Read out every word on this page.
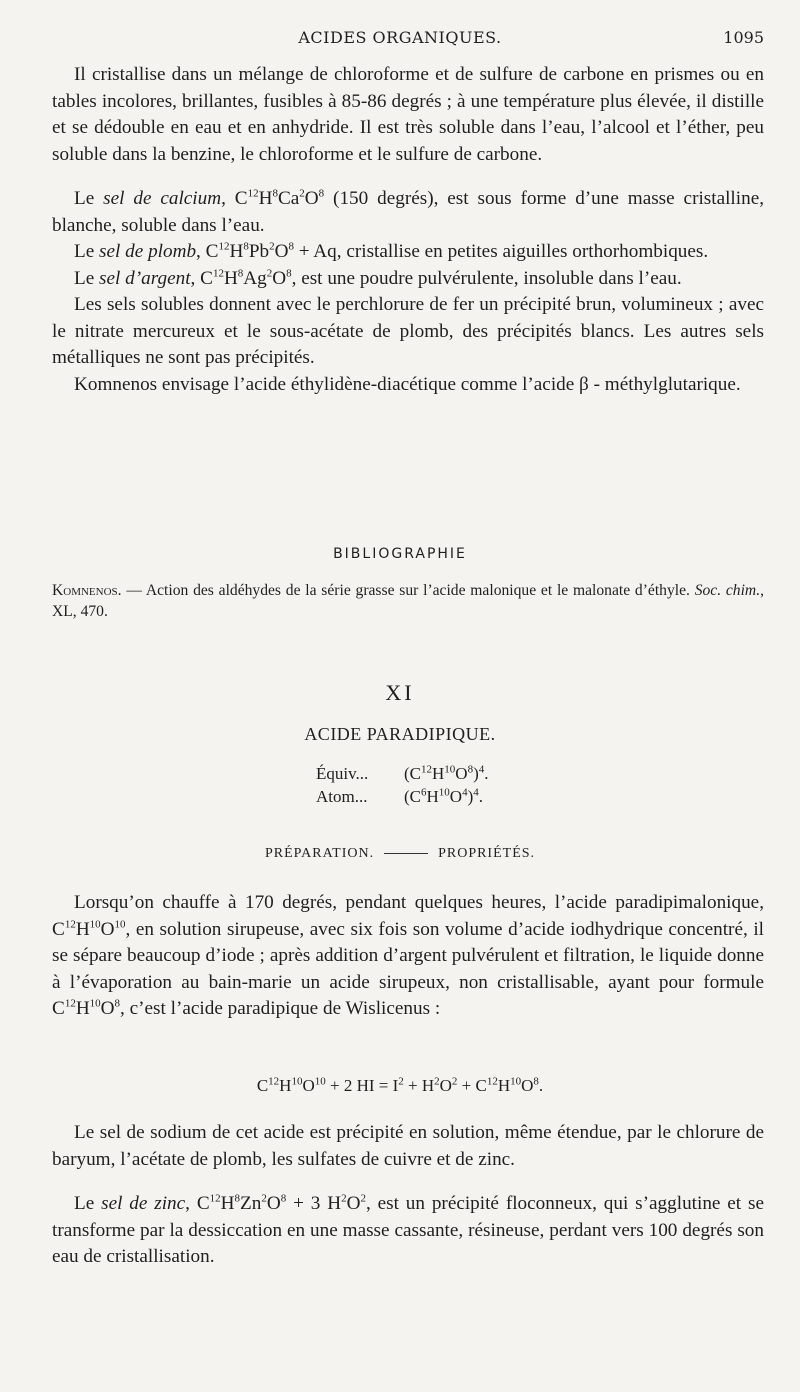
ACIDES ORGANIQUES.	1095

Il cristallise dans un mélange de chloroforme et de sulfure de carbone en prismes ou en tables incolores, brillantes, fusibles à 85-86 degrés ; à une température plus élevée, il distille et se dédouble en eau et en anhydride. Il est très soluble dans l’eau, l’alcool et l’éther, peu soluble dans la benzine, le chloroforme et le sulfure de carbone.

Le sel de calcium, $C^{12}H^8Ca^2O^8$ (150 degrés), est sous forme d’une masse cristalline, blanche, soluble dans l’eau.

Le sel de plomb, $C^{12}H^8Pb^2O^8 + Aq$, cristallise en petites aiguilles orthorhombiques.

Le sel d’argent, $C^{12}H^8Ag^2O^8$, est une poudre pulvérulente, insoluble dans l’eau.

Les sels solubles donnent avec le perchlorure de fer un précipité brun, volumineux ; avec le nitrate mercureux et le sous-acétate de plomb, des précipités blancs. Les autres sels métalliques ne sont pas précipités.

Komnenos envisage l’acide éthylidène-diacétique comme l’acide β - méthylglutarique.

BIBLIOGRAPHIE

Komnenos. — Action des aldéhydes de la série grasse sur l’acide malonique et le malonate d’éthyle. Soc. chim., XL, 470.

XI
ACIDE PARADIPIQUE.
Équiv... $(C^{12}H^{10}O^8)^4$.
Atom... $(C^6H^{10}O^4)^4$.
PRÉPARATION.	PROPRIÉTÉS.

Lorsqu’on chauffe à 170 degrés, pendant quelques heures, l’acide paradipimalonique, $C^{12}H^{10}O^{10}$, en solution sirupeuse, avec six fois son volume d’acide iodhydrique concentré, il se sépare beaucoup d’iode ; après addition d’argent pulvérulent et filtration, le liquide donne à l’évaporation au bain-marie un acide sirupeux, non cristallisable, ayant pour formule $C^{12}H^{10}O^8$, c’est l’acide paradipique de Wislicenus :

$C^{12}H^{10}O^{10} + 2$ HI = $I^2 + H^2O^2 + C^{12}H^{10}O^8$.

Le sel de sodium de cet acide est précipité en solution, même étendue, par le chlorure de baryum, l’acétate de plomb, les sulfates de cuivre et de zinc.

Le sel de zinc, $C^{12}H^8Zn^2O^8 + 3$ $H^2O^2$, est un précipité floconneux, qui s’agglutine et se transforme par la dessiccation en une masse cassante, résineuse, perdant vers 100 degrés son eau de cristallisation.
